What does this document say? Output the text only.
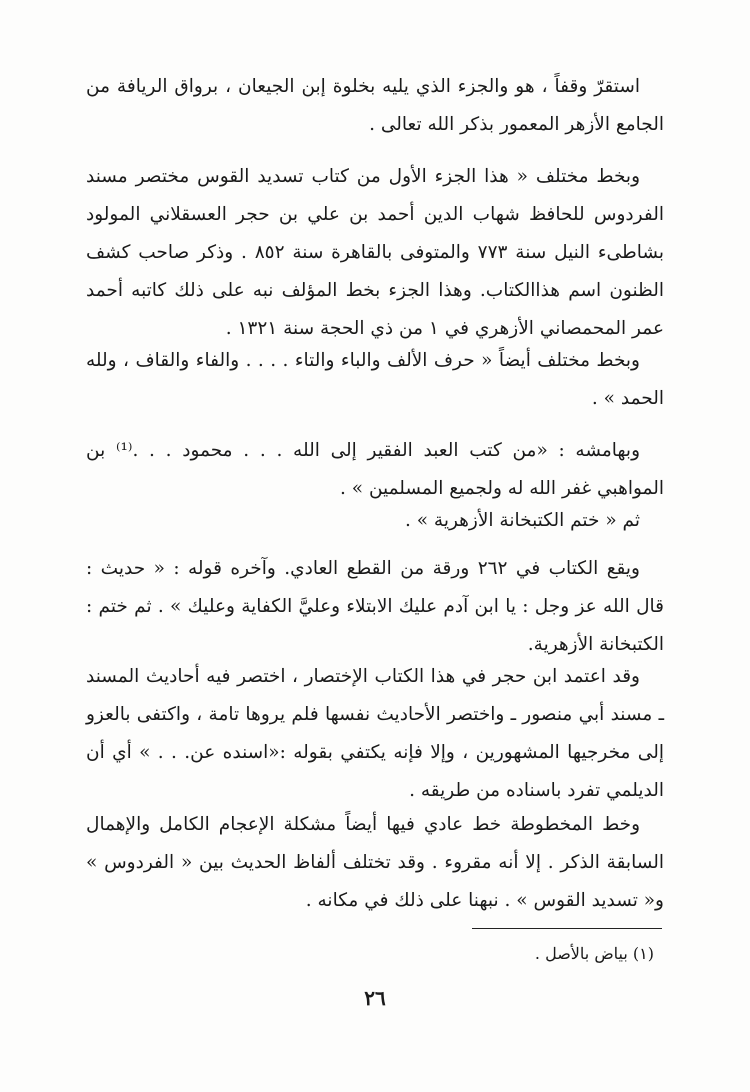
استقرّ وقفاً ، هو والجزء الذي يليه بخلوة إبن الجيعان ، برواق الريافة من الجامع الأزهر المعمور بذكر الله تعالى .

وبخط مختلف « هذا الجزء الأول من كتاب تسديد القوس مختصر مسند الفردوس للحافظ شهاب الدين أحمد بن علي بن حجر العسقلاني المولود بشاطىء النيل سنة ٧٧٣ والمتوفى بالقاهرة سنة ٨٥٢ . وذكر صاحب كشف الظنون اسم هذاالكتاب. وهذا الجزء بخط المؤلف نبه على ذلك كاتبه أحمد عمر المحمصاني الأزهري في ١ من ذي الحجة سنة ١٣٢١ .

وبخط مختلف أيضاً « حرف الألف والباء والتاء . . . . والفاء والقاف ، ولله الحمد » .

وبهامشه : «من كتب العبد الفقير إلى الله . . . محمود . . .⁽¹⁾ بن المواهبي غفر الله له ولجميع المسلمين » .

ثم « ختم الكتبخانة الأزهرية » .

ويقع الكتاب في ٢٦٢ ورقة من القطع العادي. وآخره قوله : « حديث : قال الله عز وجل : يا ابن آدم عليك الابتلاء وعليَّ الكفاية وعليك » . ثم ختم : الكتبخانة الأزهرية.

وقد اعتمد ابن حجر في هذا الكتاب الإختصار ، اختصر فيه أحاديث المسند ـ مسند أبي منصور ـ واختصر الأحاديث نفسها فلم يروها تامة ، واكتفى بالعزو إلى مخرجيها المشهورين ، وإلا فإنه يكتفي بقوله :«اسنده عن. . . » أي أن الديلمي تفرد باسناده من طريقه .

وخط المخطوطة خط عادي فيها أيضاً مشكلة الإعجام الكامل والإهمال السابقة الذكر . إلا أنه مقروء . وقد تختلف ألفاظ الحديث بين « الفردوس » و« تسديد القوس » . نبهنا على ذلك في مكانه .

(١) بياض بالأصل .
٢٦
